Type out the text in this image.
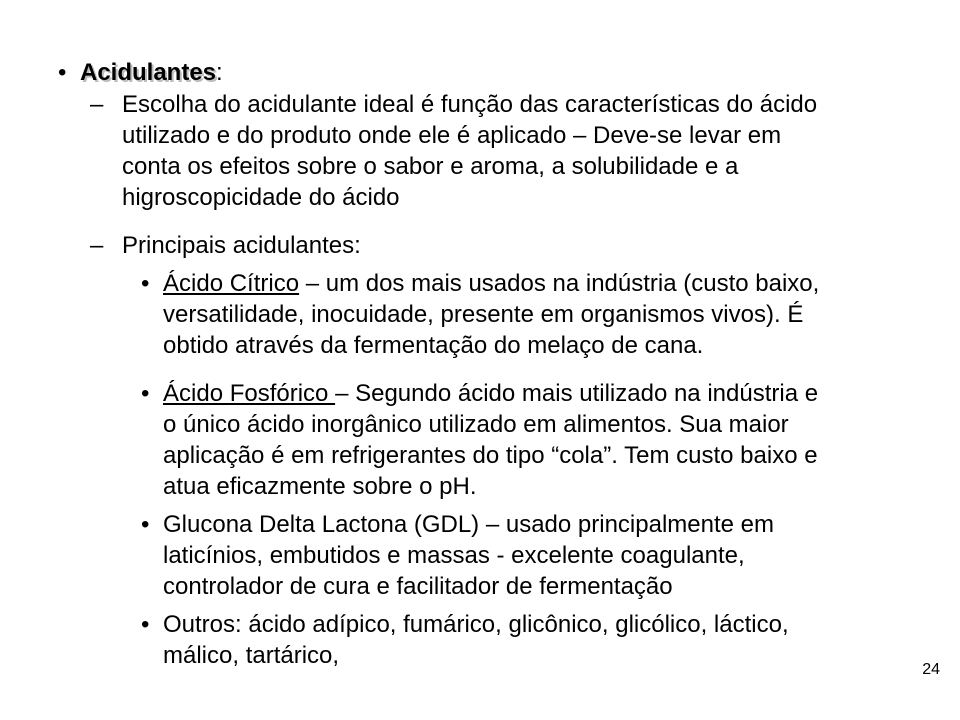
• Acidulantes:
– Escolha do acidulante ideal é função das características do ácido
utilizado e do produto onde ele é aplicado – Deve-se levar em
conta os efeitos sobre o sabor e aroma, a solubilidade e a
higroscopicidade do ácido
– Principais acidulantes:
• Ácido Cítrico – um dos mais usados na indústria (custo baixo,
versatilidade, inocuidade, presente em organismos vivos). É
obtido através da fermentação do melaço de cana.
• Ácido Fosfórico – Segundo ácido mais utilizado na indústria e
o único ácido inorgânico utilizado em alimentos. Sua maior
aplicação é em refrigerantes do tipo “cola”. Tem custo baixo e
atua eficazmente sobre o pH.
• Glucona Delta Lactona (GDL) – usado principalmente em
laticínios, embutidos e massas - excelente coagulante,
controlador de cura e facilitador de fermentação
• Outros: ácido adípico, fumárico, glicônico, glicólico, láctico,
málico, tartárico,
24
